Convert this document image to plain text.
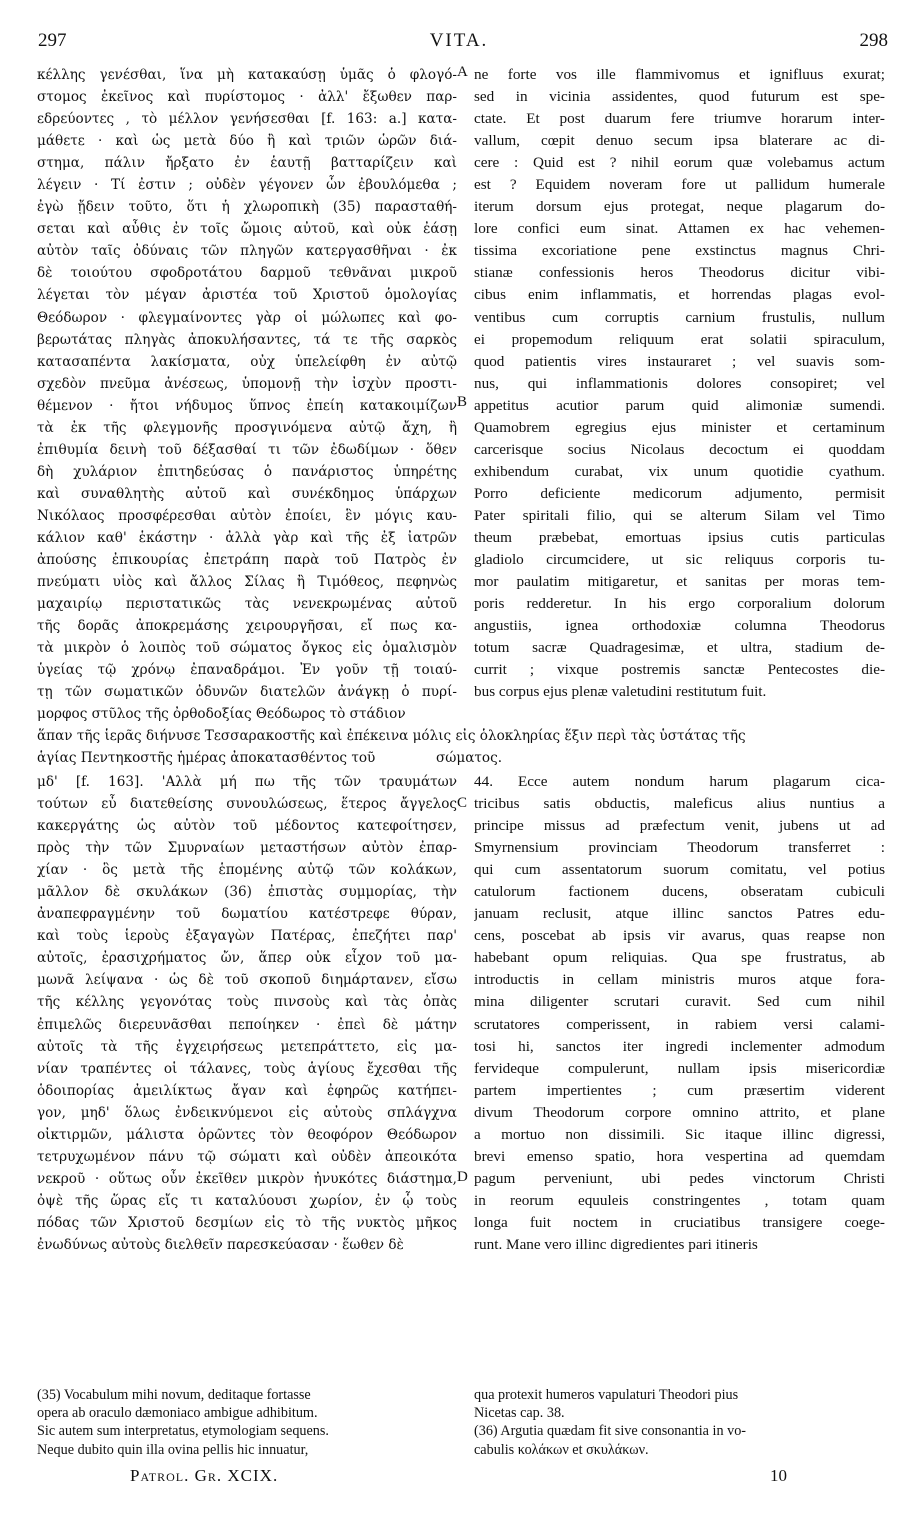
297	VITA.	298
κέλλης γενέσθαι, ἵνα μὴ κατακαύσῃ ὑμᾶς ὁ φλογό-
στομος ἐκεῖνος καὶ πυρίστομος · ἀλλ' ἔξωθεν παρ-
εδρεύοντες , τὸ μέλλον γενήσεσθαι [f. 163: a.] κατα-
μάθετε · καὶ ὡς μετὰ δύο ἢ καὶ τριῶν ὡρῶν διά-
στημα, πάλιν ἤρξατο ἐν ἑαυτῇ βατταρίζειν καὶ
λέγειν · Τί ἐστιν ; οὐδὲν γέγονεν ὧν ἐβουλόμεθα ;
ἐγὼ ᾔδειν τοῦτο, ὅτι ἡ χλωροπικὴ (35) παρασταθή-
σεται καὶ αὖθις ἐν τοῖς ὤμοις αὐτοῦ, καὶ οὐκ ἐάσῃ
αὐτὸν ταῖς ὀδύναις τῶν πληγῶν κατεργασθῆναι · ἐκ
δὲ τοιούτου σφοδροτάτου δαρμοῦ τεθνᾶναι μικροῦ
λέγεται τὸν μέγαν ἀριστέα τοῦ Χριστοῦ ὁμολογίας
Θεόδωρον · φλεγμαίνοντες γὰρ οἱ μώλωπες καὶ φο-
βερωτάτας πληγὰς ἀποκυλήσαντες, τά τε τῆς σαρκὸς
κατασαπέντα λακίσματα, οὐχ ὑπελείφθη ἐν αὐτῷ
σχεδὸν πνεῦμα ἀνέσεως, ὑπομονῇ τὴν ἰσχὺν προστι-
θέμενον · ἤτοι νήδυμος ὕπνος ἐπείη κατακοιμίζων
τὰ ἐκ τῆς φλεγμονῆς προσγινόμενα αὐτῷ ἄχη, ἢ
ἐπιθυμία δεινὴ τοῦ δέξασθαί τι τῶν ἐδωδίμων · ὅθεν
δὴ χυλάριον ἐπιτηδεύσας ὁ πανάριστος ὑπηρέτης
καὶ συναθλητὴς αὐτοῦ καὶ συνέκδημος ὑπάρχων
Νικόλαος προσφέρεσθαι αὐτὸν ἐποίει, ἓν μόγις καυ-
κάλιον καθ' ἑκάστην · ἀλλὰ γὰρ καὶ τῆς ἐξ ἰατρῶν
ἀπούσης ἐπικουρίας ἐπετράπη παρὰ τοῦ Πατρὸς ἐν
πνεύματι υἱὸς καὶ ἄλλος Σίλας ἢ Τιμόθεος, πεφηνὼς
μαχαιρίῳ περιστατικῶς τὰς νενεκρωμένας αὐτοῦ
τῆς δορᾶς ἀποκρεμάσης χειρουργῆσαι, εἴ πως κα-
τὰ μικρὸν ὁ λοιπὸς τοῦ σώματος ὄγκος εἰς ὁμαλισμὸν
ὑγείας τῷ χρόνῳ ἐπαναδράμοι. Ἐν γοῦν τῇ τοιαύ-
τῃ τῶν σωματικῶν ὀδυνῶν διατελῶν ἀνάγκῃ ὁ πυρί-
μορφος στῦλος τῆς ὀρθοδοξίας Θεόδωρος τὸ στάδιον
ne forte vos ille flammivomus et ignifluus exurat;
sed in vicinia assidentes, quod futurum est spe-
ctate. Et post duarum fere triumve horarum inter-
vallum, cœpit denuo secum ipsa blaterare ac di-
cere : Quid est ? nihil eorum quæ volebamus actum
est ? Equidem noveram fore ut pallidum humerale
iterum dorsum ejus protegat, neque plagarum do-
lore confici eum sinat. Attamen ex hac vehemen-
tissima excoriatione pene exstinctus magnus Chri-
stianæ confessionis heros Theodorus dicitur vibi-
cibus enim inflammatis, et horrendas plagas evol-
ventibus cum corruptis carnium frustulis, nullum
ei propemodum reliquum erat solatii spiraculum,
quod patientis vires instauraret ; vel suavis som-
nus, qui inflammationis dolores consopiret; vel
appetitus acutior parum quid alimoniæ sumendi.
Quamobrem egregius ejus minister et certaminum
carcerisque socius Nicolaus decoctum ei quoddam
exhibendum curabat, vix unum quotidie cyathum.
Porro deficiente medicorum adjumento, permisit
Pater spiritali filio, qui se alterum Silam vel Timo
theum præbebat, emortuas ipsius cutis particulas
gladiolo circumcidere, ut sic reliquus corporis tu-
mor paulatim mitigaretur, et sanitas per moras tem-
poris redderetur. In his ergo corporalium dolorum
angustiis, ignea orthodoxiæ columna Theodorus
totum sacræ Quadragesimæ, et ultra, stadium de-
currit ; vixque postremis sanctæ Pentecostes die-
bus corpus ejus plenæ valetudini restitutum fuit.
ἅπαν τῆς ἱερᾶς διήνυσε Τεσσαρακοστῆς καὶ ἐπέκεινα μόλις εἰς ὁλοκληρίας ἕξιν περὶ τὰς ὑστάτας τῆς
ἁγίας Πεντηκοστῆς ἡμέρας ἀποκατασθέντος τοῦ	σώματος.
μδ' [f. 163]. 'Αλλὰ μή πω τῆς τῶν τραυμάτων
τούτων εὖ διατεθείσης συνουλώσεως, ἕτερος ἄγγελος
κακεργάτης ὡς αὐτὸν τοῦ μέδοντος κατεφοίτησεν,
πρὸς τὴν τῶν Σμυρναίων μεταστήσων αὐτὸν ἐπαρ-
χίαν · ὃς μετὰ τῆς ἑπομένης αὐτῷ τῶν κολάκων,
μᾶλλον δὲ σκυλάκων (36) ἐπιστὰς συμμορίας, τὴν
ἀναπεφραγμένην τοῦ δωματίου κατέστρεφε θύραν,
καὶ τοὺς ἱεροὺς ἐξαγαγὼν Πατέρας, ἐπεζήτει παρ'
αὐτοῖς, ἐρασιχρήματος ὤν, ἅπερ οὐκ εἶχον τοῦ μα-
μωνᾶ λείψανα · ὡς δὲ τοῦ σκοποῦ διημάρτανεν, εἴσω
τῆς κέλλης γεγονότας τοὺς πινσοὺς καὶ τὰς ὀπὰς
ἐπιμελῶς διερευνᾶσθαι πεποίηκεν · ἐπεὶ δὲ μάτην
αὐτοῖς τὰ τῆς ἐγχειρήσεως μετεπράττετο, εἰς μα-
νίαν τραπέντες οἱ τάλανες, τοὺς ἁγίους ἔχεσθαι τῆς
ὁδοιπορίας ἀμειλίκτως ἄγαν καὶ ἐφηρῶς κατήπει-
γον, μηδ' ὅλως ἐνδεικνύμενοι εἰς αὐτοὺς σπλάγχνα
οἰκτιρμῶν, μάλιστα ὁρῶντες τὸν θεοφόρον Θεόδωρον
τετρυχωμένον πάνυ τῷ σώματι καὶ οὐδὲν ἀπεοικότα
νεκροῦ · οὕτως οὖν ἐκεῖθεν μικρὸν ἠνυκότες διάστημα,
ὀψὲ τῆς ὥρας εἴς τι καταλύουσι χωρίον, ἐν ᾧ τοὺς
πόδας τῶν Χριστοῦ δεσμίων εἰς τὸ τῆς νυκτὸς μῆκος
ἐνωδύνως αὐτοὺς διελθεῖν παρεσκεύασαν · ἕωθεν δὲ
44. Ecce autem nondum harum plagarum cica-
tricibus satis obductis, maleficus alius nuntius a
principe missus ad præfectum venit, jubens ut ad
Smyrnensium provinciam Theodorum transferret :
qui cum assentatorum suorum comitatu, vel potius
catulorum factionem ducens, obseratam cubiculi
januam reclusit, atque illinc sanctos Patres edu-
cens, poscebat ab ipsis vir avarus, quas reapse non
habebant opum reliquias. Qua spe frustratus, ab
introductis in cellam ministris muros atque fora-
mina diligenter scrutari curavit. Sed cum nihil
scrutatores comperissent, in rabiem versi calami-
tosi hi, sanctos iter ingredi inclementer admodum
fervideque compulerunt, nullam ipsis misericordiæ
partem impertientes ; cum præsertim viderent
divum Theodorum corpore omnino attrito, et plane
a mortuo non dissimili. Sic itaque illinc digressi,
brevi emenso spatio, hora vespertina ad quemdam
pagum perveniunt, ubi pedes vinctorum Christi
in reorum equuleis constringentes , totam quam
longa fuit noctem in cruciatibus transigere coege-
runt. Mane vero illinc digredientes pari itineris
A
B
C
D
(35) Vocabulum mihi novum, deditaque fortasse
opera ab oraculo dæmoniaco ambigue adhibitum.
Sic autem sum interpretatus, etymologiam sequens.
Neque dubito quin illa ovina pellis hic innuatur,
qua protexit humeros vapulaturi Theodori pius
Nicetas cap. 38.
(36) Argutia quædam fit sive consonantia in vo-
cabulis κολάκων et σκυλάκων.
Patrol. Gr. XCIX.	10
